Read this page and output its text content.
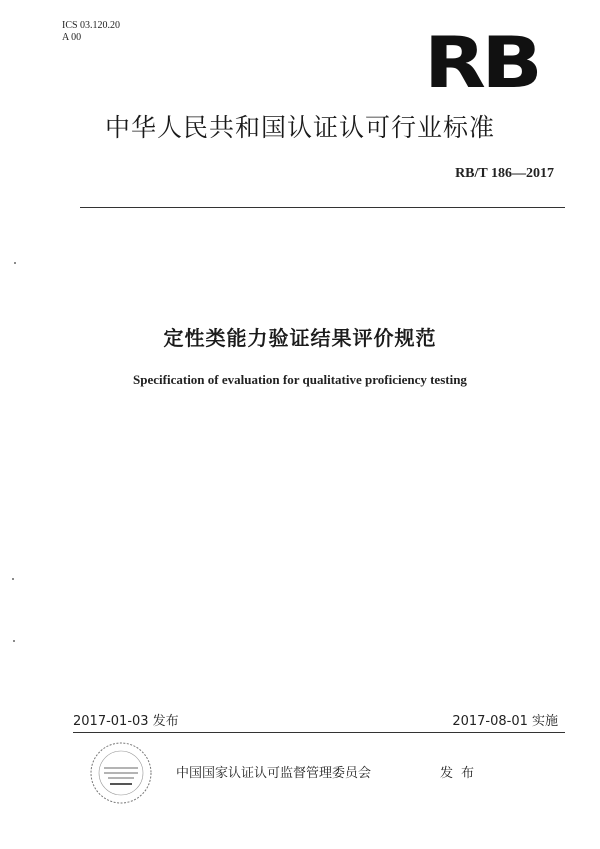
ICS 03.120.20
A 00	RB
中华人民共和国认证认可行业标准
RB/T 186—2017
定性类能力验证结果评价规范
Specification of evaluation for qualitative proficiency testing
2017-01-03 发布	2017-08-01 实施
中国国家认证认可监督管理委员会	发布
